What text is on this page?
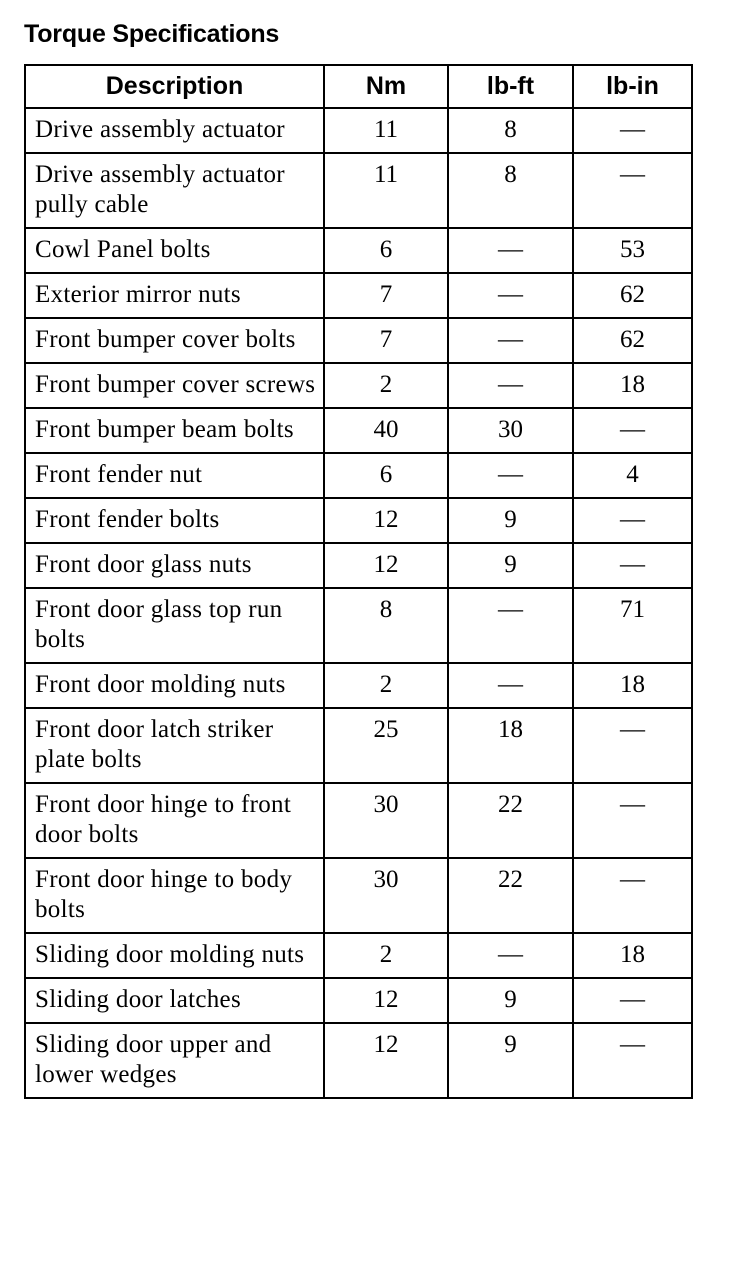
Torque Specifications
Description	Nm	lb-ft	lb-in
Drive assembly actuator	11	8	—
Drive assembly actuator pully cable	11	8	—
Cowl Panel bolts	6	—	53
Exterior mirror nuts	7	—	62
Front bumper cover bolts	7	—	62
Front bumper cover screws	2	—	18
Front bumper beam bolts	40	30	—
Front fender nut	6	—	4
Front fender bolts	12	9	—
Front door glass nuts	12	9	—
Front door glass top run bolts	8	—	71
Front door molding nuts	2	—	18
Front door latch striker plate bolts	25	18	—
Front door hinge to front door bolts	30	22	—
Front door hinge to body bolts	30	22	—
Sliding door molding nuts	2	—	18
Sliding door latches	12	9	—
Sliding door upper and lower wedges	12	9	—
